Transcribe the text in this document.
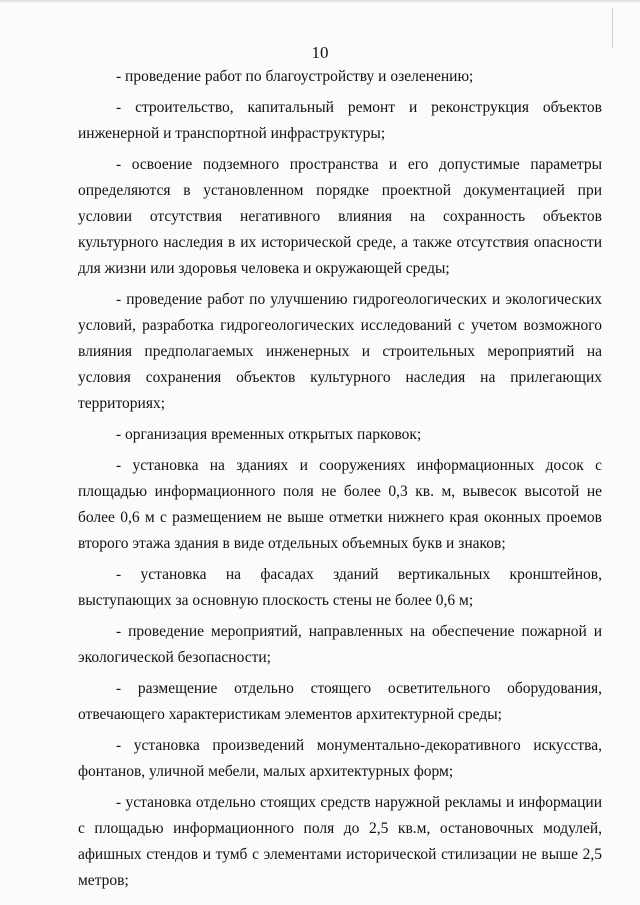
10

- проведение работ по благоустройству и озеленению;

- строительство, капитальный ремонт и реконструкция объектов инженерной и транспортной инфраструктуры;

- освоение подземного пространства и его допустимые параметры определяются в установленном порядке проектной документацией при условии отсутствия негативного влияния на сохранность объектов культурного наследия в их исторической среде, а также отсутствия опасности для жизни или здоровья человека и окружающей среды;

- проведение работ по улучшению гидрогеологических и экологических условий, разработка гидрогеологических исследований с учетом возможного влияния предполагаемых инженерных и строительных мероприятий на условия сохранения объектов культурного наследия на прилегающих территориях;

- организация временных открытых парковок;

- установка на зданиях и сооружениях информационных досок с площадью информационного поля не более 0,3 кв. м, вывесок высотой не более 0,6 м с размещением не выше отметки нижнего края оконных проемов второго этажа здания в виде отдельных объемных букв и знаков;

- установка на фасадах зданий вертикальных кронштейнов, выступающих за основную плоскость стены не более 0,6 м;

- проведение мероприятий, направленных на обеспечение пожарной и экологической безопасности;

- размещение отдельно стоящего осветительного оборудования, отвечающего характеристикам элементов архитектурной среды;

- установка произведений монументально-декоративного искусства, фонтанов, уличной мебели, малых архитектурных форм;

- установка отдельно стоящих средств наружной рекламы и информации с площадью информационного поля до 2,5 кв.м, остановочных модулей, афишных стендов и тумб с элементами исторической стилизации не выше 2,5 метров;
